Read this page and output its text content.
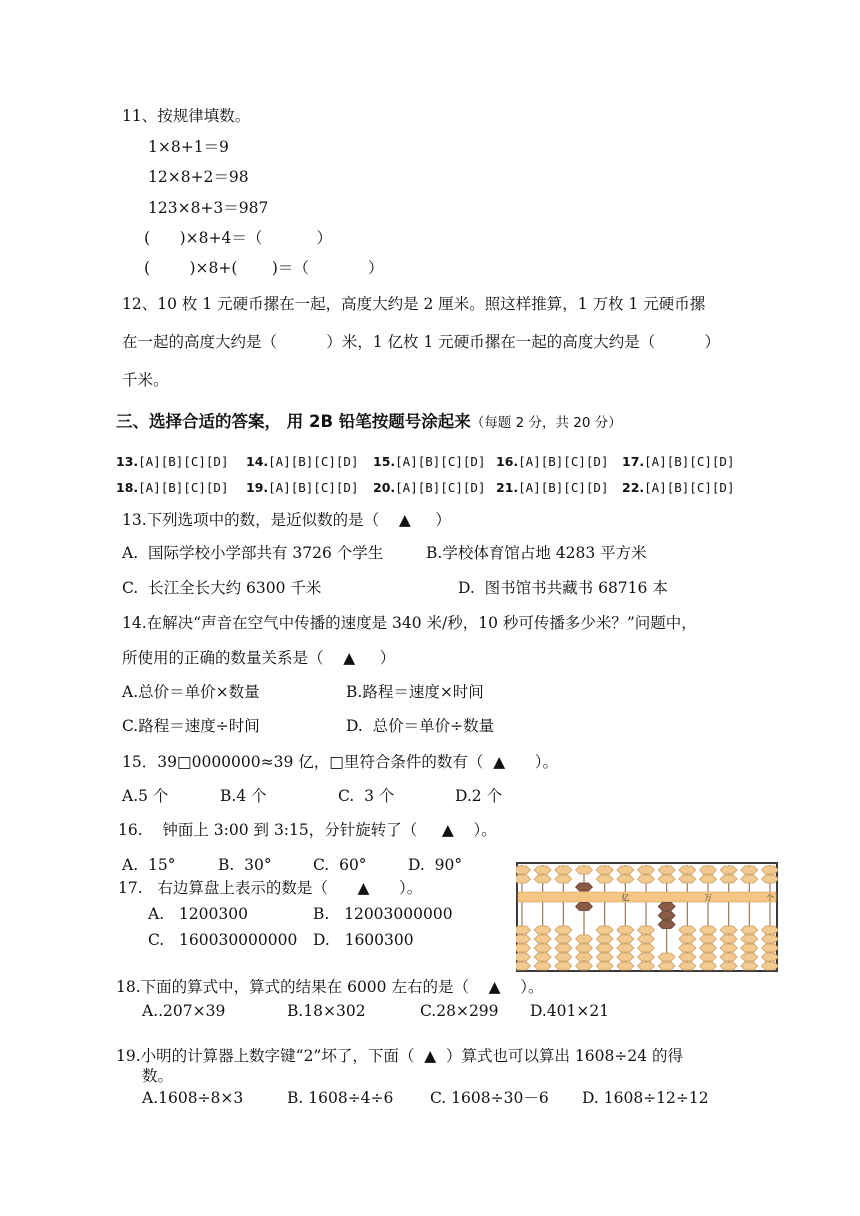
11、按规律填数。
1×8+1＝9
12×8+2＝98
123×8+3＝987
(      )×8+4＝（           ）
(        )×8+(       )＝（            ）
12、10 枚 1 元硬币摞在一起，高度大约是 2 厘米。照这样推算，1 万枚 1 元硬币摞
在一起的高度大约是（          ）米，1 亿枚 1 元硬币摞在一起的高度大约是（          ）
千米。
三、选择合适的答案， 用 2B 铅笔按题号涂起来（每题 2 分，共 20 分）
13.[A][B][C][D] 14.[A][B][C][D] 15.[A][B][C][D] 16.[A][B][C][D] 17.[A][B][C][D]
18.[A][B][C][D] 19.[A][B][C][D] 20.[A][B][C][D] 21.[A][B][C][D] 22.[A][B][C][D]
13.下列选项中的数，是近似数的是（    ▲     ）
A.  国际学校小学部共有 3726 个学生	B.学校体育馆占地 4283 平方米
C.  长江全长大约 6300 千米	D.  图书馆书共藏书 68716 本
14.在解决“声音在空气中传播的速度是 340 米/秒，10 秒可传播多少米？”问题中，
所使用的正确的数量关系是（    ▲     ）
A.总价＝单价×数量	B.路程＝速度×时间
C.路程＝速度÷时间	D.  总价＝单价÷数量
15．39□0000000≈39 亿，□里符合条件的数有（  ▲      ）。
A.5 个	B.4 个	C.  3 个	D.2 个
16.    钟面上 3:00 到 3:15，分针旋转了（     ▲    ）。
A.  15°	B.  30°	C.  60°	D.  90°
17.   右边算盘上表示的数是（      ▲      ）。
A.   1200300	B.   12003000000
C.   160030000000 D.   1600300
亿	万	个
18.下面的算式中，算式的结果在 6000 左右的是（    ▲    ）。
A..207×39	B.18×302	C.28×299 D.401×21
19.小明的计算器上数字键“2”坏了，下面（  ▲  ）算式也可以算出 1608÷24 的得
数。
A.1608÷8×3	B. 1608÷4÷6 C. 1608÷30－6 D. 1608÷12÷12
